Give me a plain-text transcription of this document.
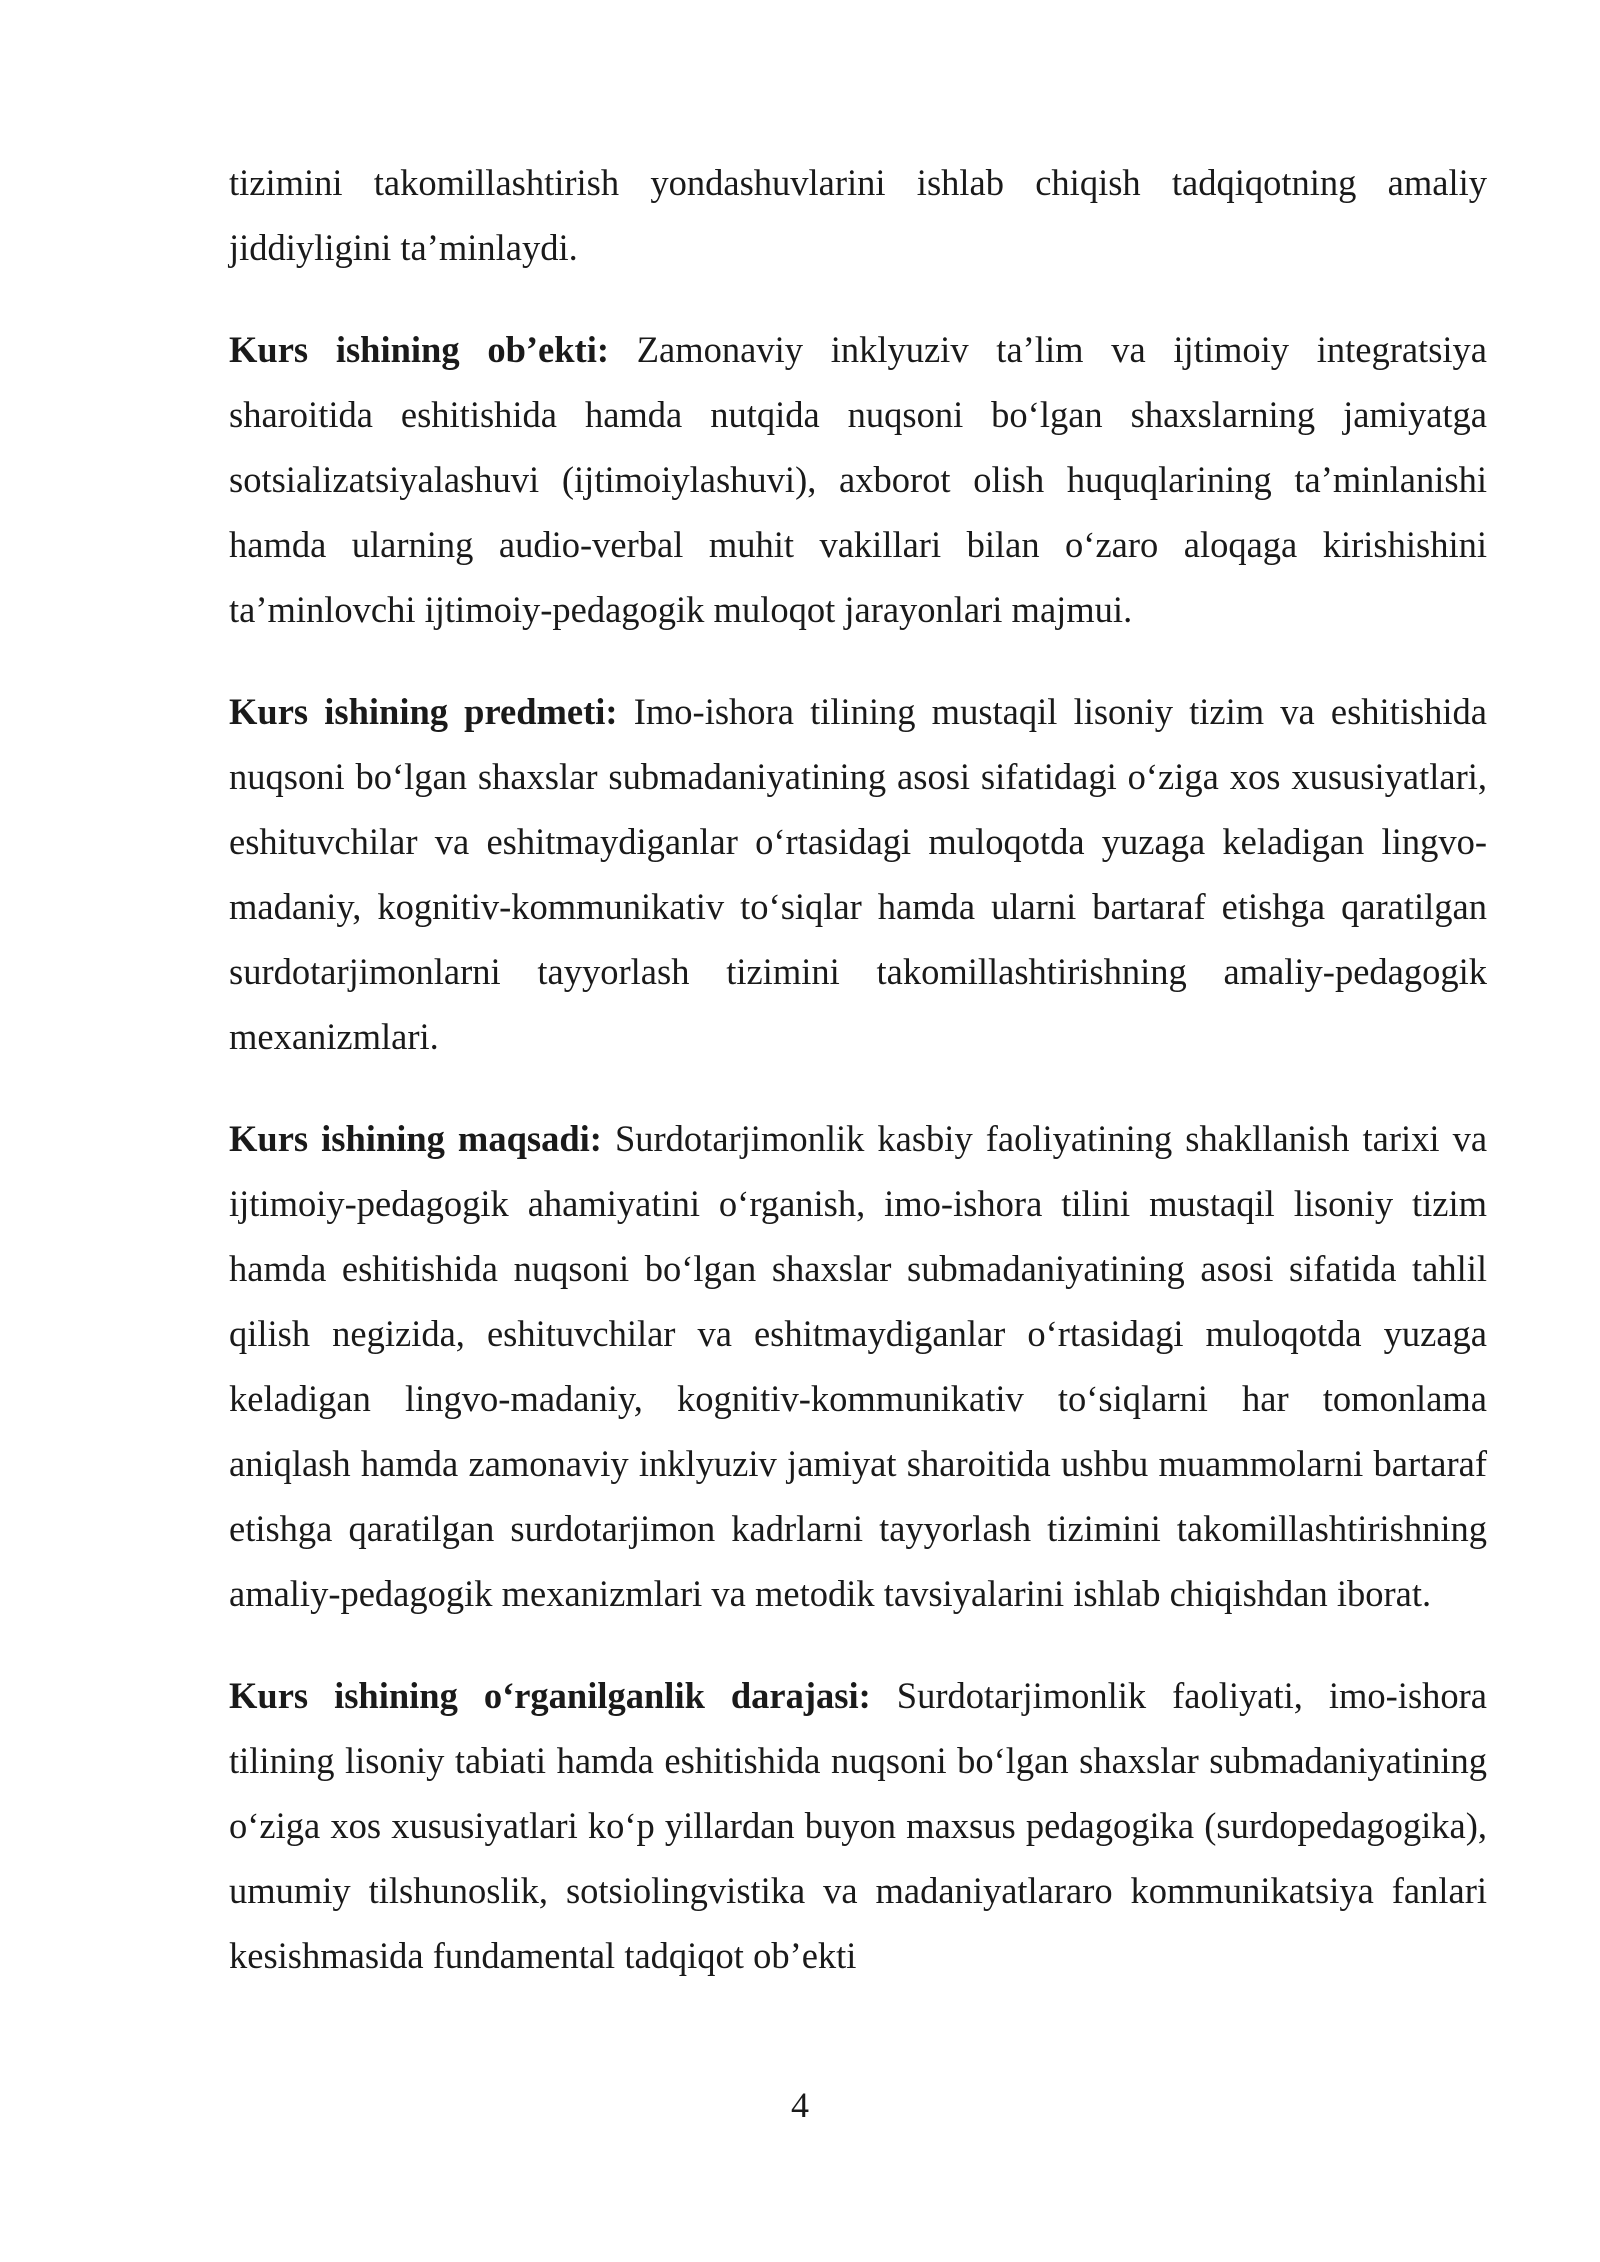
tizimini takomillashtirish yondashuvlarini ishlab chiqish tadqiqotning amaliy jiddiyligini ta’minlaydi.

Kurs ishining ob’ekti: Zamonaviy inklyuziv ta’lim va ijtimoiy integratsiya sharoitida eshitishida hamda nutqida nuqsoni boʻlgan shaxslarning jamiyatga sotsializatsiyalashuvi (ijtimoiylashuvi), axborot olish huquqlarining ta’minlanishi hamda ularning audio-verbal muhit vakillari bilan oʻzaro aloqaga kirishishini ta’minlovchi ijtimoiy-pedagogik muloqot jarayonlari majmui.

Kurs ishining predmeti: Imo-ishora tilining mustaqil lisoniy tizim va eshitishida nuqsoni boʻlgan shaxslar submadaniyatining asosi sifatidagi oʻziga xos xususiyatlari, eshituvchilar va eshitmaydiganlar oʻrtasidagi muloqotda yuzaga keladigan lingvo-madaniy, kognitiv-kommunikativ toʻsiqlar hamda ularni bartaraf etishga qaratilgan surdotarjimonlarni tayyorlash tizimini takomillashtirishning amaliy-pedagogik mexanizmlari.

Kurs ishining maqsadi: Surdotarjimonlik kasbiy faoliyatining shakllanish tarixi va ijtimoiy-pedagogik ahamiyatini oʻrganish, imo-ishora tilini mustaqil lisoniy tizim hamda eshitishida nuqsoni boʻlgan shaxslar submadaniyatining asosi sifatida tahlil qilish negizida, eshituvchilar va eshitmaydiganlar oʻrtasidagi muloqotda yuzaga keladigan lingvo-madaniy, kognitiv-kommunikativ toʻsiqlarni har tomonlama aniqlash hamda zamonaviy inklyuziv jamiyat sharoitida ushbu muammolarni bartaraf etishga qaratilgan surdotarjimon kadrlarni tayyorlash tizimini takomillashtirishning amaliy-pedagogik mexanizmlari va metodik tavsiyalarini ishlab chiqishdan iborat.

Kurs ishining oʻrganilganlik darajasi: Surdotarjimonlik faoliyati, imo-ishora tilining lisoniy tabiati hamda eshitishida nuqsoni boʻlgan shaxslar submadaniyatining oʻziga xos xususiyatlari koʻp yillardan buyon maxsus pedagogika (surdopedagogika), umumiy tilshunoslik, sotsiolingvistika va madaniyatlararo kommunikatsiya fanlari kesishmasida fundamental tadqiqot ob’ekti

4
